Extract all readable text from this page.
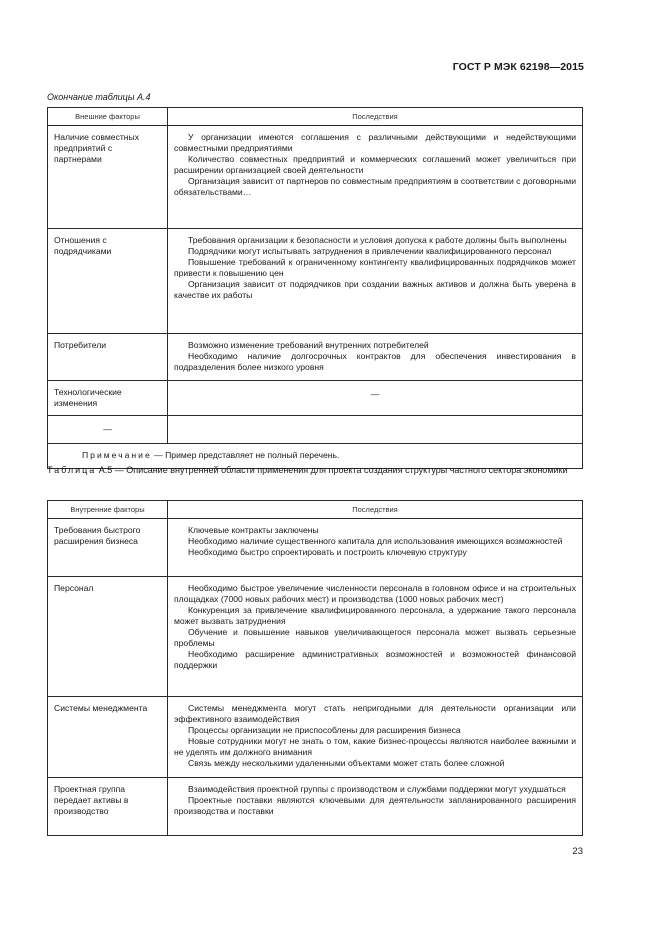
ГОСТ Р МЭК 62198—2015
Окончание таблицы А.4
Внешние факторы	Последствия
Наличие совместных предприятий с партнерами	У организации имеются соглашения с различными действующими и недействующими совместными предприятиями

Количество совместных предприятий и коммерческих соглашений может увеличиться при расширении организацией своей деятельности

Организация зависит от партнеров по совместным предприятиям в соответствии с договорными обязательствами…

Отношения с подрядчиками	Требования организации к безопасности и условия допуска к работе должны быть выполнены

Подрядчики могут испытывать затруднения в привлечении квалифицированного персонал

Повышение требований к ограниченному контингенту квалифицированных подрядчиков может привести к повышению цен

Организация зависит от подрядчиков при создании важных активов и должна быть уверена в качестве их работы

Потребители	Возможно изменение требований внутренних потребителей

Необходимо наличие долгосрочных контрактов для обеспечения инвестирования в подразделения более низкого уровня

Технологические изменения	—
—	
Примечание — Пример представляет не полный перечень.	
Таблица А.5 — Описание внутренней области применения для проекта создания структуры частного сектора экономики
Внутренние факторы	Последствия
Требования быстрого расширения бизнеса	Ключевые контракты заключены

Необходимо наличие существенного капитала для использования имеющихся возможностей

Необходимо быстро спроектировать и построить ключевую структуру

Персонал	Необходимо быстрое увеличение численности персонала в головном офисе и на строительных площадках (7000 новых рабочих мест) и производства (1000 новых рабочих мест)

Конкуренция за привлечение квалифицированного персонала, а удержание такого персонала может вызвать затруднения

Обучение и повышение навыков увеличивающегося персонала может вызвать серьезные проблемы

Необходимо расширение административных возможностей и возможностей финансовой поддержки

Системы менеджмента	Системы менеджмента могут стать непригодными для деятельности организации или эффективного взаимодействия

Процессы организации не приспособлены для расширения бизнеса

Новые сотрудники могут не знать о том, какие бизнес-процессы являются наиболее важными и не уделять им должного внимания

Связь между несколькими удаленными объектами может стать более сложной

Проектная группа передает активы в производство	Взаимодействия проектной группы с производством и службами поддержки могут ухудшаться

Проектные поставки являются ключевыми для деятельности запланированного расширения производства и поставки

23
